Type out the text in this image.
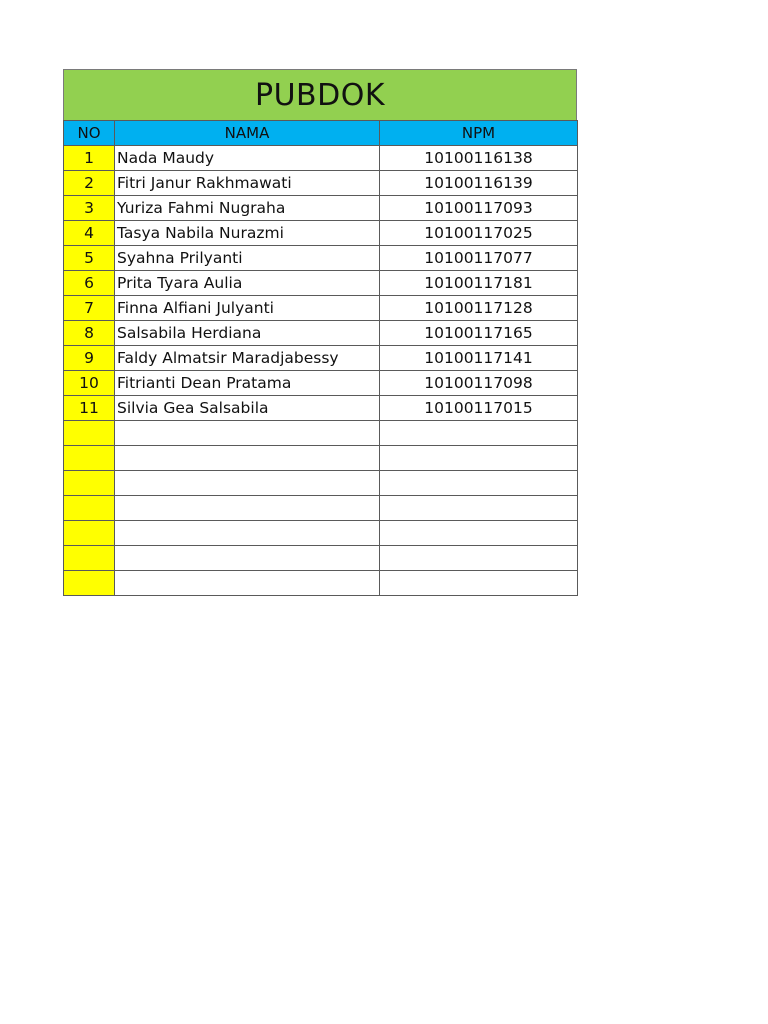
PUBDOK
NO	NAMA	NPM
1	Nada Maudy	10100116138
2	Fitri Janur Rakhmawati	10100116139
3	Yuriza Fahmi Nugraha	10100117093
4	Tasya Nabila Nurazmi	10100117025
5	Syahna Prilyanti	10100117077
6	Prita Tyara Aulia	10100117181
7	Finna Alfiani Julyanti	10100117128
8	Salsabila Herdiana	10100117165
9	Faldy Almatsir Maradjabessy	10100117141
10	Fitrianti Dean Pratama	10100117098
11	Silvia Gea Salsabila	10100117015
